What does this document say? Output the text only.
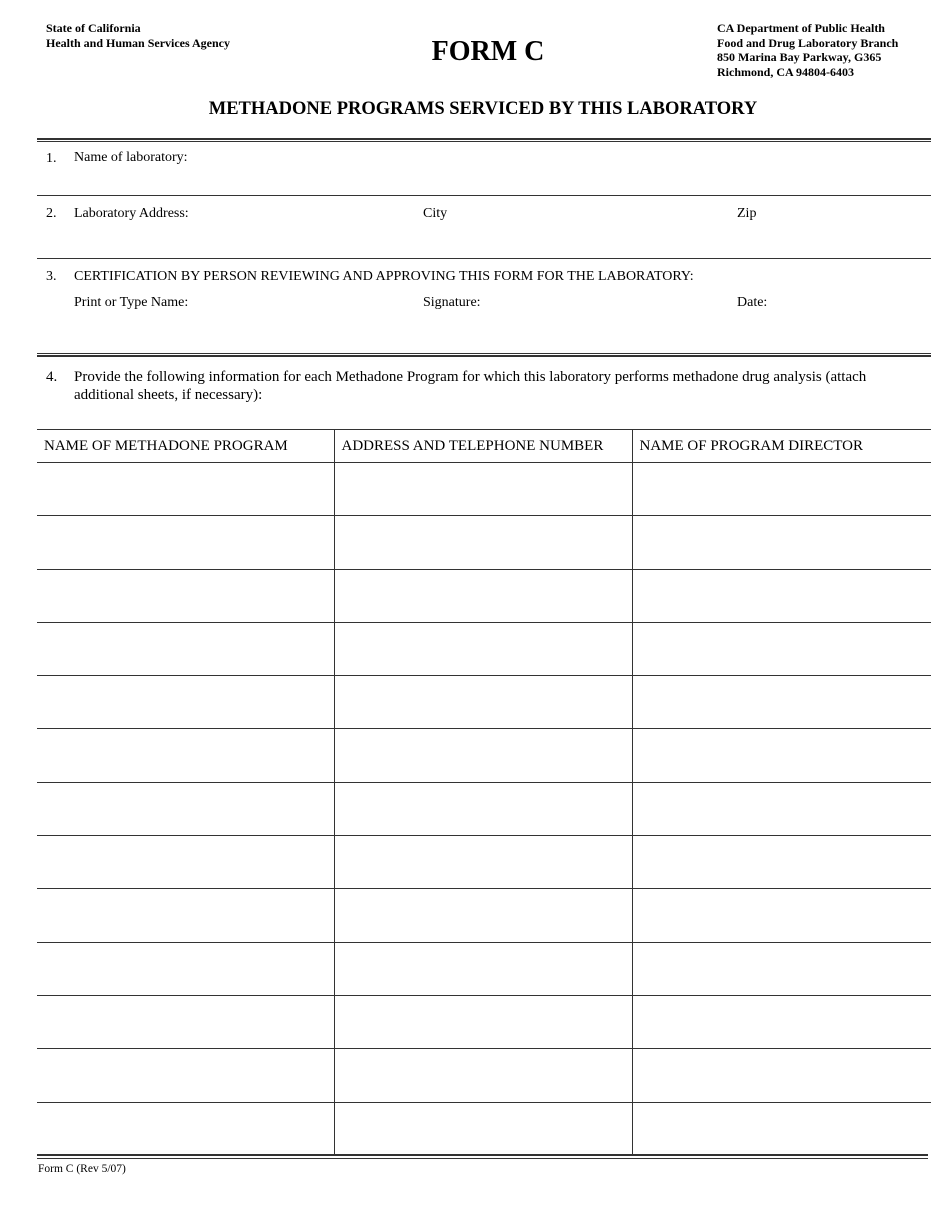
State of California
Health and Human Services Agency	FORM C
CA Department of Public Health
Food and Drug Laboratory Branch
850 Marina Bay Parkway, G365
Richmond, CA 94804-6403
METHADONE PROGRAMS SERVICED BY THIS LABORATORY
1. Name of laboratory:
2. Laboratory Address:	City	Zip
3. CERTIFICATION BY PERSON REVIEWING AND APPROVING THIS FORM FOR THE LABORATORY:
Print or Type Name:	Signature:	Date:
4. Provide the following information for each Methadone Program for which this laboratory performs methadone drug analysis (attach additional sheets, if necessary):
NAME OF METHADONE PROGRAM	ADDRESS AND TELEPHONE NUMBER	NAME OF PROGRAM DIRECTOR

Form C (Rev 5/07)
